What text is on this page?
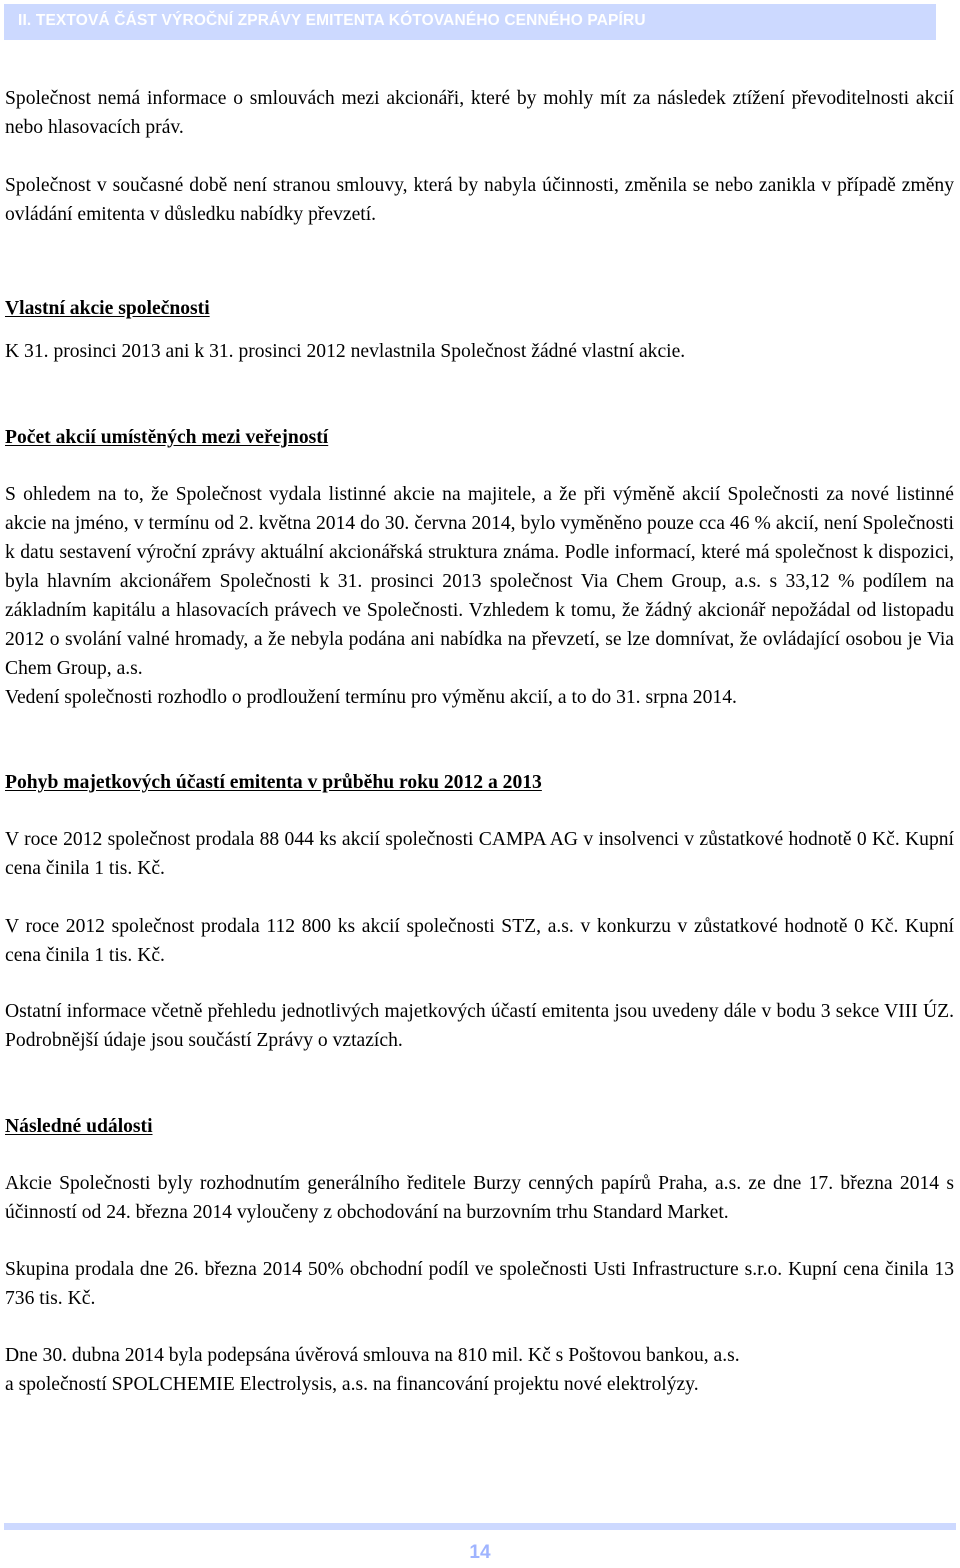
II. TEXTOVÁ ČÁST VÝROČNÍ ZPRÁVY EMITENTA KÓTOVANÉHO CENNÉHO PAPÍRU

Společnost nemá informace o smlouvách mezi akcionáři, které by mohly mít za následek ztížení převoditelnosti akcií nebo hlasovacích práv.

Společnost v současné době není stranou smlouvy, která by nabyla účinnosti, změnila se nebo zanikla v případě změny ovládání emitenta v důsledku nabídky převzetí.

Vlastní akcie společnosti

K 31. prosinci 2013 ani k 31. prosinci 2012 nevlastnila Společnost žádné vlastní akcie.

Počet akcií umístěných mezi veřejností

S ohledem na to, že Společnost vydala listinné akcie na majitele, a že při výměně akcií Společnosti za nové listinné akcie na jméno, v termínu od 2. května 2014 do 30. června 2014, bylo vyměněno pouze cca 46 % akcií, není Společnosti k datu sestavení výroční zprávy aktuální akcionářská struktura známa. Podle informací, které má společnost k dispozici, byla hlavním akcionářem Společnosti k 31. prosinci 2013 společnost Via Chem Group, a.s. s 33,12 % podílem na základním kapitálu a hlasovacích právech ve Společnosti. Vzhledem k tomu, že žádný akcionář nepožádal od listopadu 2012 o svolání valné hromady, a že nebyla podána ani nabídka na převzetí, se lze domnívat, že ovládající osobou je Via Chem Group, a.s.

Vedení společnosti rozhodlo o prodloužení termínu pro výměnu akcií, a to do 31. srpna 2014.

Pohyb majetkových účastí emitenta v průběhu roku 2012 a 2013

V roce 2012 společnost prodala 88 044 ks akcií společnosti CAMPA AG v insolvenci v zůstatkové hodnotě 0 Kč. Kupní cena činila 1 tis. Kč.

V roce 2012 společnost prodala 112 800 ks akcií společnosti STZ, a.s. v konkurzu v zůstatkové hodnotě 0 Kč. Kupní cena činila 1 tis. Kč.

Ostatní informace včetně přehledu jednotlivých majetkových účastí emitenta jsou uvedeny dále v bodu 3 sekce VIII ÚZ. Podrobnější údaje jsou součástí Zprávy o vztazích.

Následné události

Akcie Společnosti byly rozhodnutím generálního ředitele Burzy cenných papírů Praha, a.s. ze dne 17. března 2014 s účinností od 24. března 2014 vyloučeny z obchodování na burzovním trhu Standard Market.

Skupina prodala dne 26. března 2014 50% obchodní podíl ve společnosti Usti Infrastructure s.r.o. Kupní cena činila 13 736 tis. Kč.

Dne 30. dubna 2014 byla podepsána úvěrová smlouva na 810 mil. Kč s Poštovou bankou, a.s.
a společností SPOLCHEMIE Electrolysis, a.s. na financování projektu nové elektrolýzy.

14
